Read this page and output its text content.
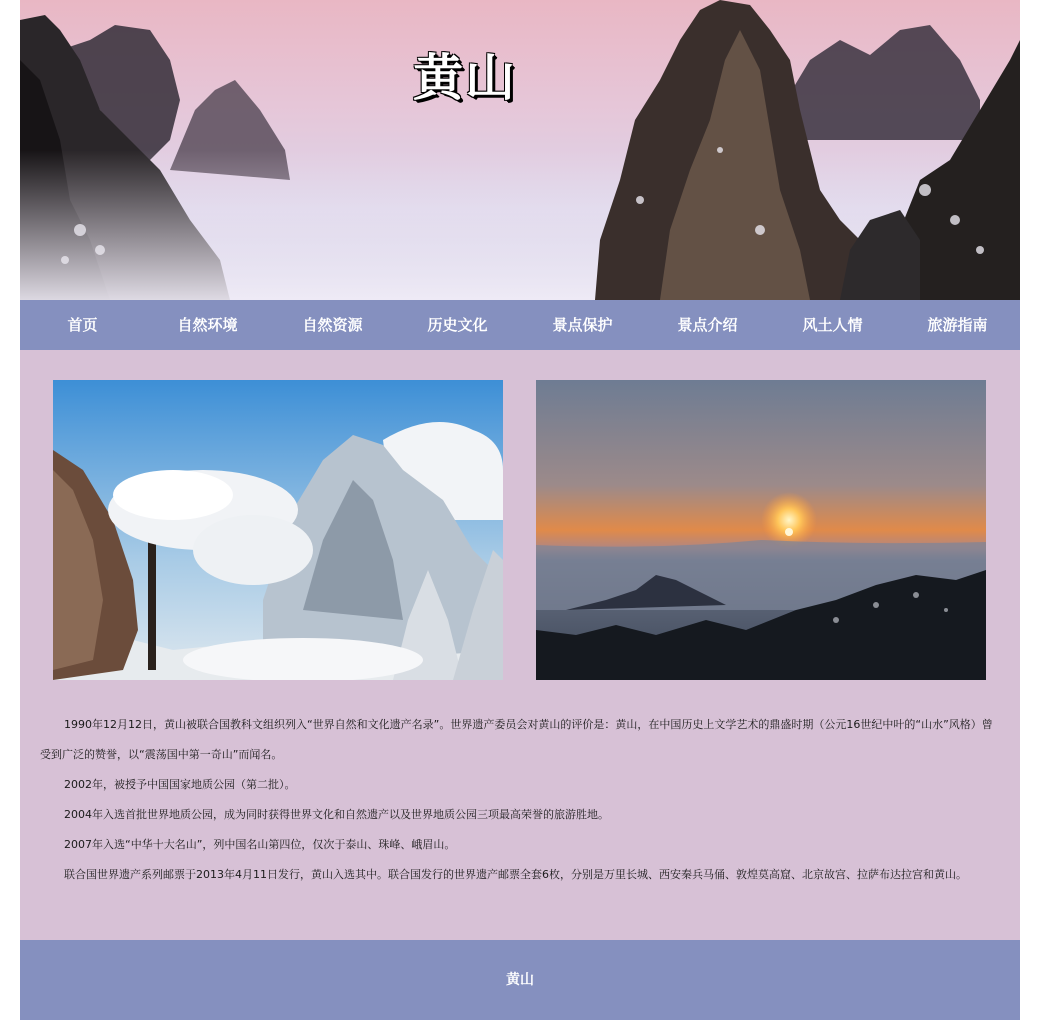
黄山
首页	自然环境	自然资源	历史文化	景点保护	景点介绍	风土人情	旅游指南

1990年12月12日，黄山被联合国教科文组织列入“世界自然和文化遗产名录”。世界遗产委员会对黄山的评价是：黄山，在中国历史上文学艺术的鼎盛时期（公元16世纪中叶的“山水”风格）曾受到广泛的赞誉，以“震荡国中第一奇山”而闻名。

2002年，被授予中国国家地质公园（第二批）。

2004年入选首批世界地质公园，成为同时获得世界文化和自然遗产以及世界地质公园三项最高荣誉的旅游胜地。

2007年入选“中华十大名山”，列中国名山第四位，仅次于泰山、珠峰、峨眉山。

联合国世界遗产系列邮票于2013年4月11日发行，黄山入选其中。联合国发行的世界遗产邮票全套6枚，分别是万里长城、西安秦兵马俑、敦煌莫高窟、北京故宫、拉萨布达拉宫和黄山。

黄山
